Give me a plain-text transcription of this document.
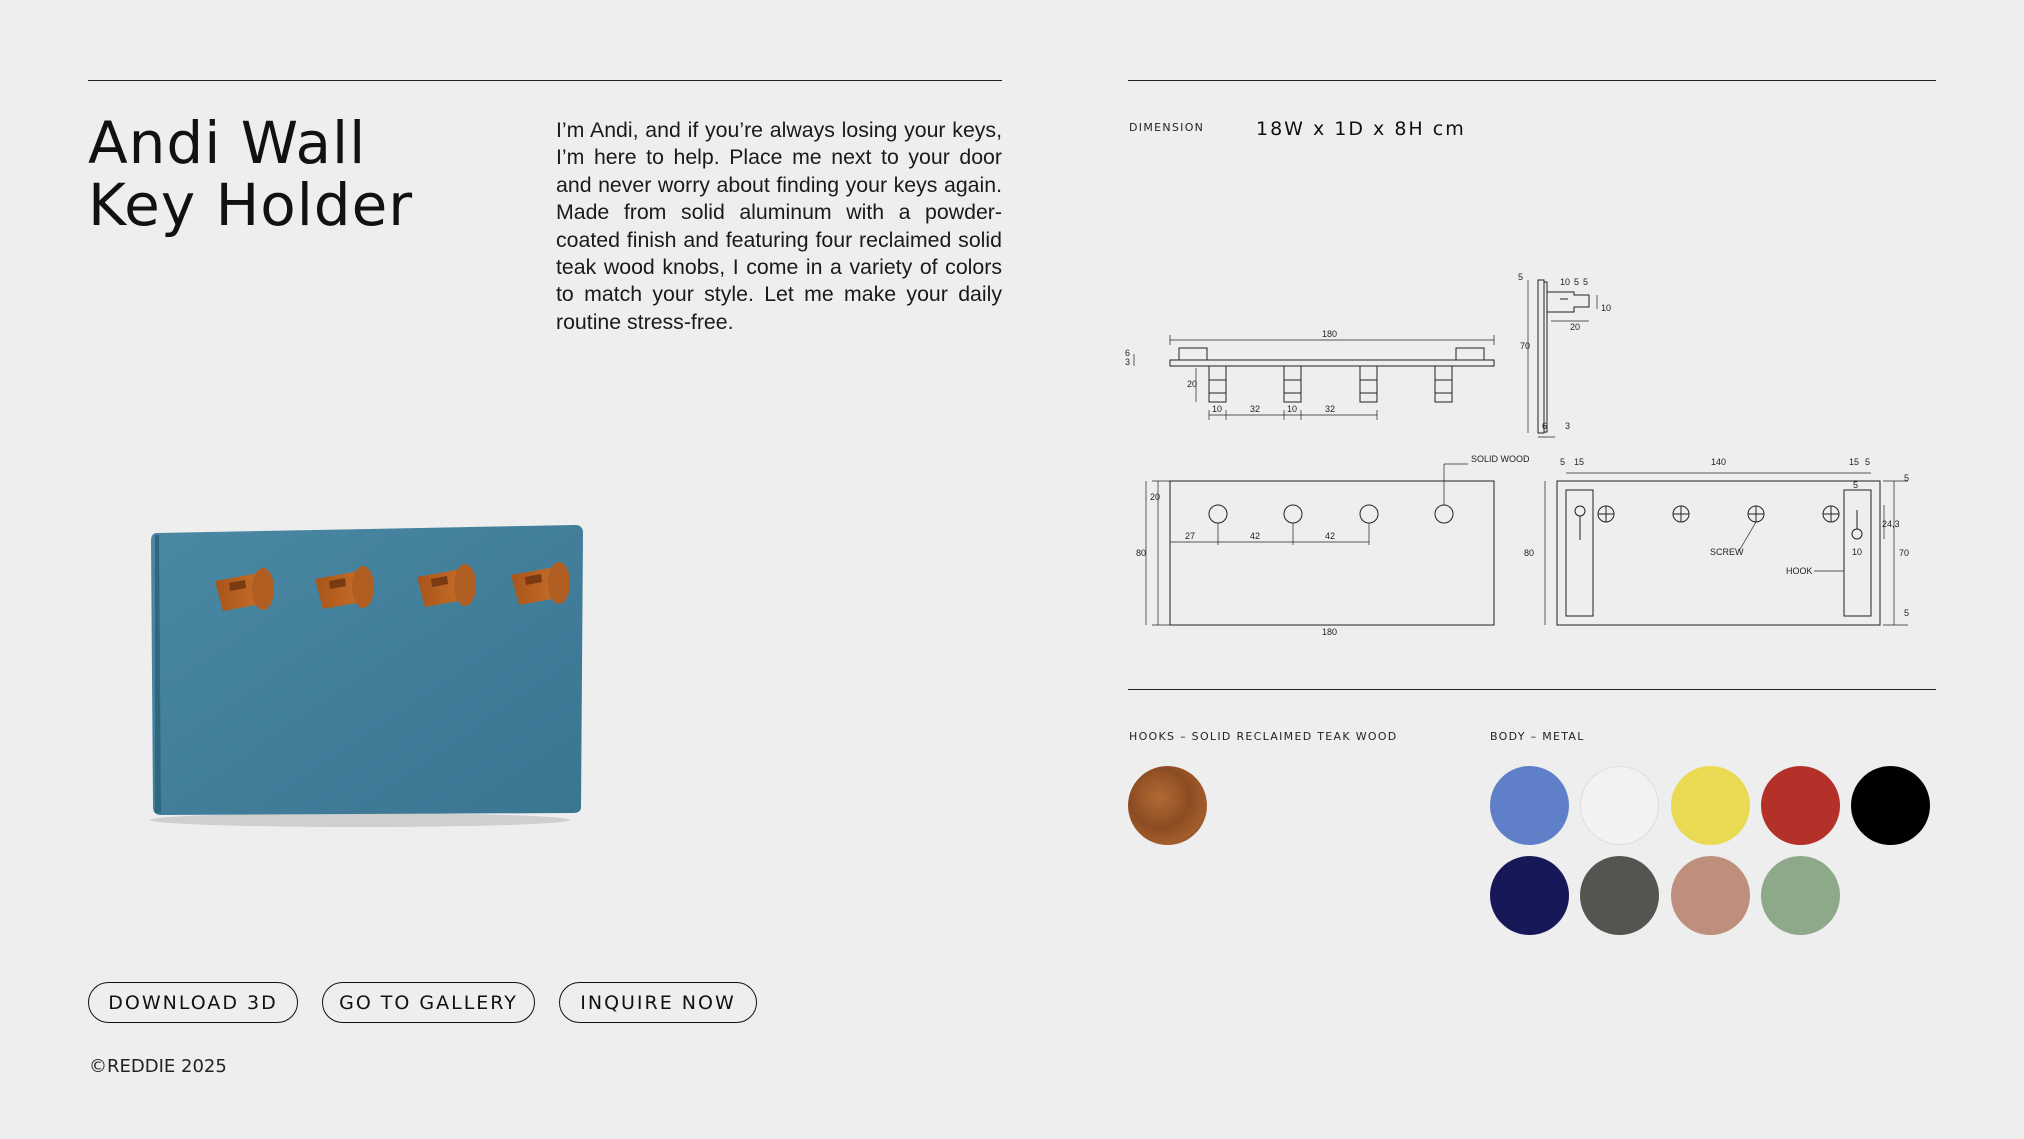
Andi Wall
Key Holder

I’m Andi, and if you’re always losing your keys, I’m here to help. Place me next to your door and never worry about finding your keys again. Made from solid aluminum with a powder-coated finish and featuring four reclaimed solid teak wood knobs, I come in a variety of colors to match your style. Let me make your daily routine stress-free.

DOWNLOAD 3D	GO TO GALLERY	INQUIRE NOW
©REDDIE 2025
DIMENSION	18W x 1D x 8H cm
180
6
3
20
10	32	10	32
5	10 5 5
10
20
70
6 3
SOLID WOOD
20
27	42	42
80
180
5 15	140	15 5
5
5
24,3
10
SCREW
HOOK
80	70
5
HOOKS – SOLID RECLAIMED TEAK WOOD	BODY – METAL
